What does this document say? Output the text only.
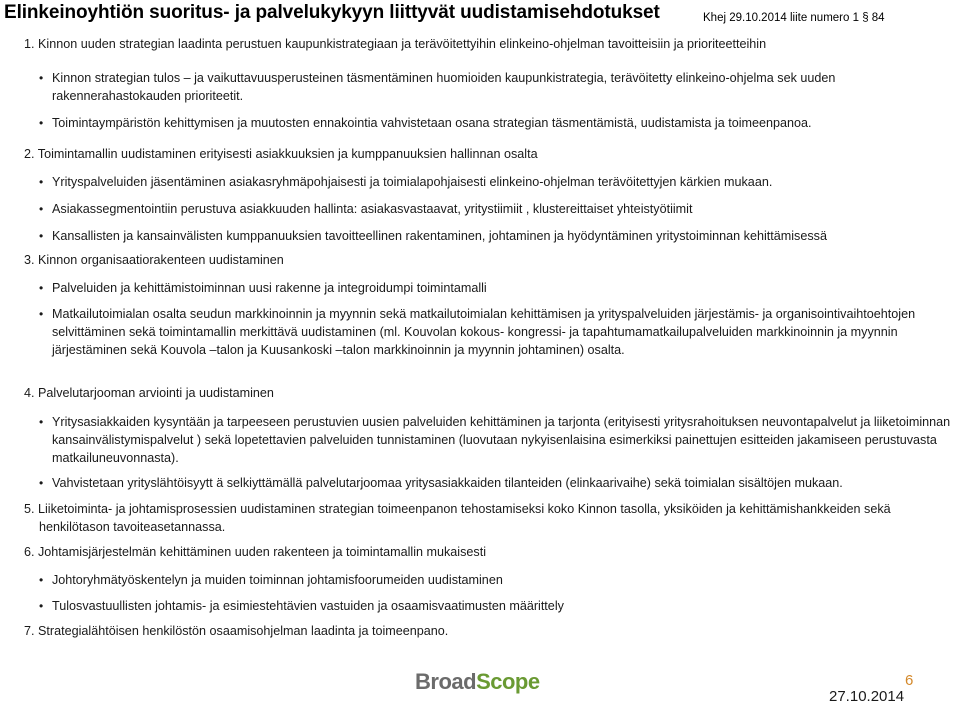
Elinkeinoyhtiön suoritus- ja palvelukykyyn liittyvät uudistamisehdotukset	Khej 29.10.2014 liite numero 1 § 84
1. Kinnon uuden strategian laadinta perustuen kaupunkistrategiaan ja terävöitettyihin elinkeino-ohjelman tavoitteisiin ja prioriteetteihin
• Kinnon strategian tulos – ja vaikuttavuusperusteinen täsmentäminen huomioiden kaupunkistrategia, terävöitetty elinkeino-ohjelma sek uuden rakennerahastokauden prioriteetit.
• Toimintaympäristön kehittymisen ja muutosten ennakointia vahvistetaan osana strategian täsmentämistä, uudistamista ja toimeenpanoa.
2. Toimintamallin uudistaminen erityisesti asiakkuuksien ja kumppanuuksien hallinnan osalta
• Yrityspalveluiden jäsentäminen asiakasryhmäpohjaisesti ja toimialapohjaisesti elinkeino-ohjelman terävöitettyjen kärkien mukaan.
• Asiakassegmentointiin perustuva asiakkuuden hallinta: asiakasvastaavat, yritystiimiit , klustereittaiset yhteistyötiimit
• Kansallisten ja kansainvälisten kumppanuuksien tavoitteellinen rakentaminen, johtaminen ja hyödyntäminen yritystoiminnan kehittämisessä
3. Kinnon organisaatiorakenteen uudistaminen
• Palveluiden ja kehittämistoiminnan uusi rakenne ja integroidumpi toimintamalli
• Matkailutoimialan osalta seudun markkinoinnin ja myynnin sekä matkailutoimialan kehittämisen ja yrityspalveluiden järjestämis- ja organisointivaihtoehtojen selvittäminen sekä toimintamallin merkittävä uudistaminen (ml. Kouvolan kokous- kongressi- ja tapahtumamatkailupalveluiden markkinoinnin ja myynnin järjestäminen sekä Kouvola –talon ja Kuusankoski –talon markkinoinnin ja myynnin johtaminen) osalta.
4. Palvelutarjooman arviointi ja uudistaminen
• Yritysasiakkaiden kysyntään ja tarpeeseen perustuvien uusien palveluiden kehittäminen ja tarjonta (erityisesti yritysrahoituksen neuvontapalvelut ja liiketoiminnan kansainvälistymispalvelut ) sekä lopetettavien palveluiden tunnistaminen (luovutaan nykyisenlaisina esimerkiksi painettujen esitteiden jakamiseen perustuvasta matkailuneuvonnasta).
• Vahvistetaan yrityslähtöisyytt ä selkiyttämällä palvelutarjoomaa yritysasiakkaiden tilanteiden (elinkaarivaihe) sekä toimialan sisältöjen mukaan.
5. Liiketoiminta- ja johtamisprosessien uudistaminen strategian toimeenpanon tehostamiseksi koko Kinnon tasolla, yksiköiden ja kehittämishankkeiden sekä henkilötason tavoiteasetannassa.
6. Johtamisjärjestelmän kehittäminen uuden rakenteen ja toimintamallin mukaisesti
• Johtoryhmätyöskentelyn ja muiden toiminnan johtamisfoorumeiden uudistaminen
• Tulosvastuullisten johtamis- ja esimiestehtävien vastuiden ja osaamisvaatimusten määrittely
7. Strategialähtöisen henkilöstön osaamisohjelman laadinta ja toimeenpano.
BroadScope	6
27.10.2014
